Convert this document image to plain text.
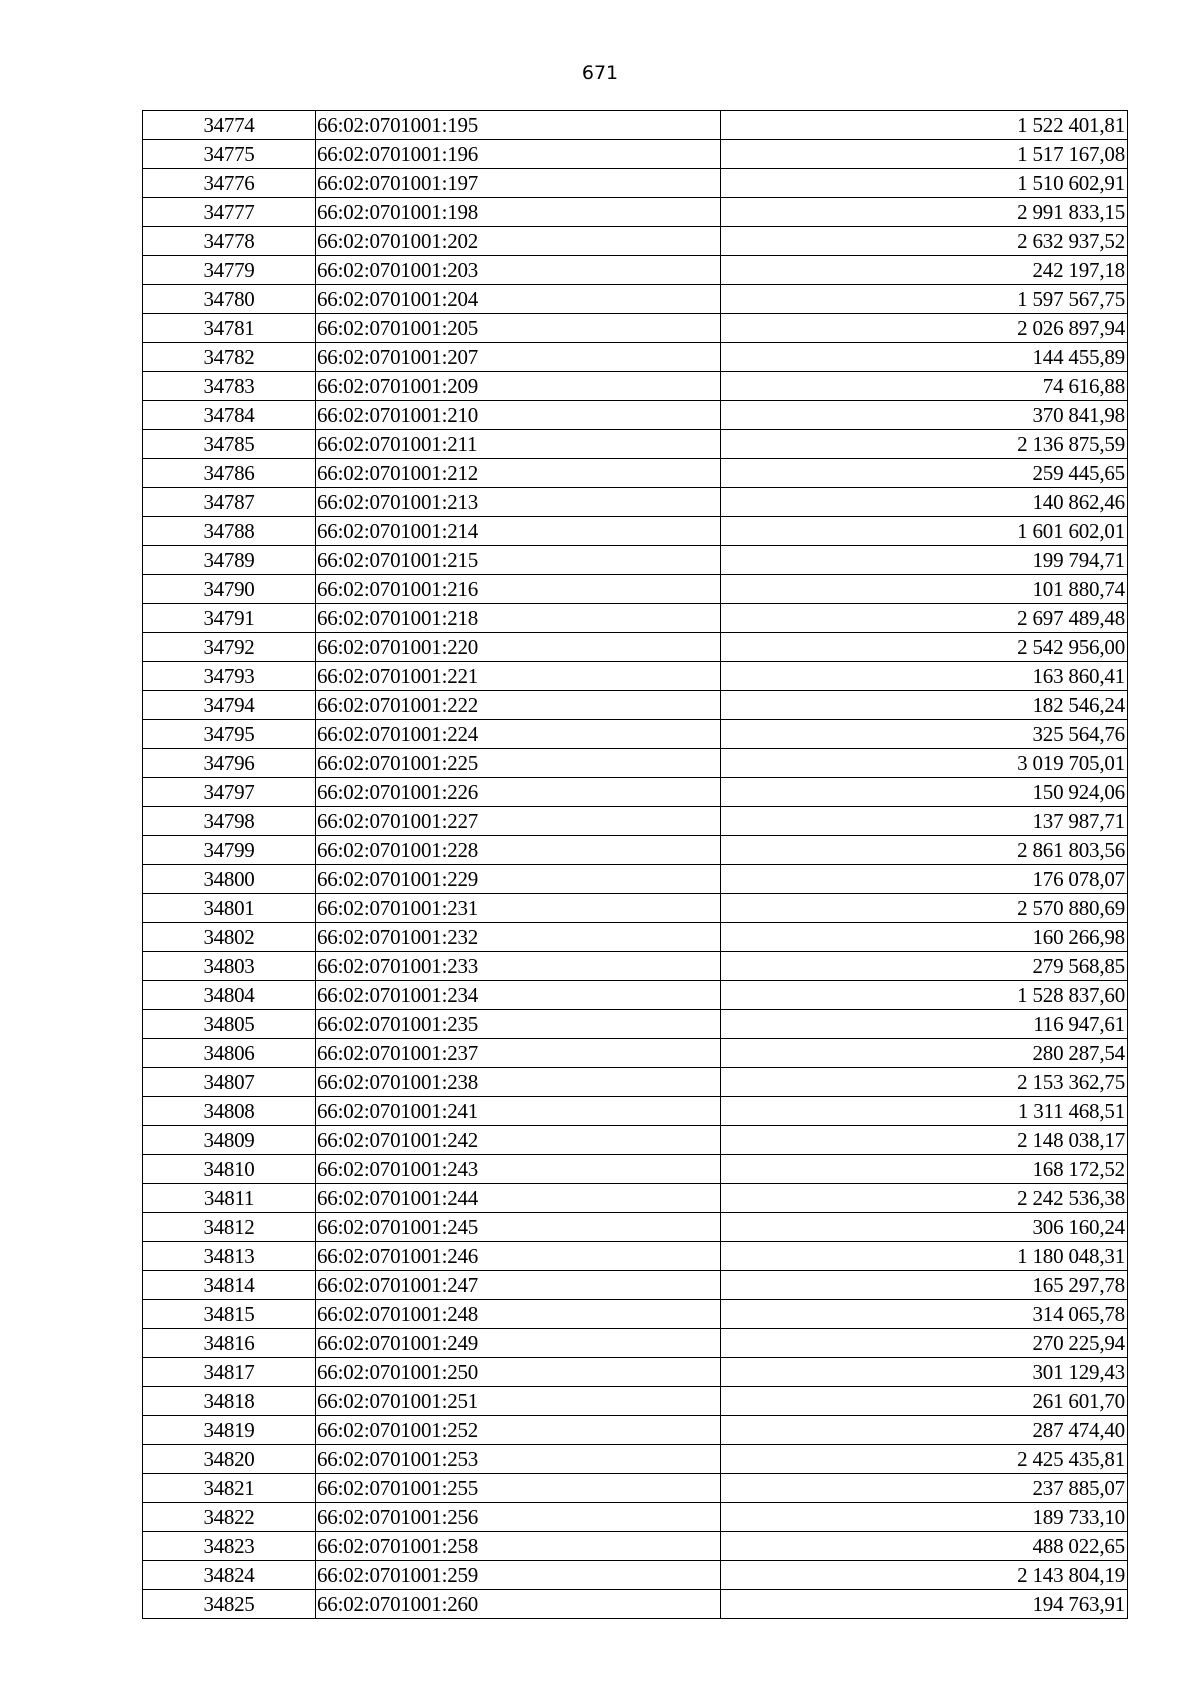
671
34774	66:02:0701001:195	1 522 401,81
34775	66:02:0701001:196	1 517 167,08
34776	66:02:0701001:197	1 510 602,91
34777	66:02:0701001:198	2 991 833,15
34778	66:02:0701001:202	2 632 937,52
34779	66:02:0701001:203	242 197,18
34780	66:02:0701001:204	1 597 567,75
34781	66:02:0701001:205	2 026 897,94
34782	66:02:0701001:207	144 455,89
34783	66:02:0701001:209	74 616,88
34784	66:02:0701001:210	370 841,98
34785	66:02:0701001:211	2 136 875,59
34786	66:02:0701001:212	259 445,65
34787	66:02:0701001:213	140 862,46
34788	66:02:0701001:214	1 601 602,01
34789	66:02:0701001:215	199 794,71
34790	66:02:0701001:216	101 880,74
34791	66:02:0701001:218	2 697 489,48
34792	66:02:0701001:220	2 542 956,00
34793	66:02:0701001:221	163 860,41
34794	66:02:0701001:222	182 546,24
34795	66:02:0701001:224	325 564,76
34796	66:02:0701001:225	3 019 705,01
34797	66:02:0701001:226	150 924,06
34798	66:02:0701001:227	137 987,71
34799	66:02:0701001:228	2 861 803,56
34800	66:02:0701001:229	176 078,07
34801	66:02:0701001:231	2 570 880,69
34802	66:02:0701001:232	160 266,98
34803	66:02:0701001:233	279 568,85
34804	66:02:0701001:234	1 528 837,60
34805	66:02:0701001:235	116 947,61
34806	66:02:0701001:237	280 287,54
34807	66:02:0701001:238	2 153 362,75
34808	66:02:0701001:241	1 311 468,51
34809	66:02:0701001:242	2 148 038,17
34810	66:02:0701001:243	168 172,52
34811	66:02:0701001:244	2 242 536,38
34812	66:02:0701001:245	306 160,24
34813	66:02:0701001:246	1 180 048,31
34814	66:02:0701001:247	165 297,78
34815	66:02:0701001:248	314 065,78
34816	66:02:0701001:249	270 225,94
34817	66:02:0701001:250	301 129,43
34818	66:02:0701001:251	261 601,70
34819	66:02:0701001:252	287 474,40
34820	66:02:0701001:253	2 425 435,81
34821	66:02:0701001:255	237 885,07
34822	66:02:0701001:256	189 733,10
34823	66:02:0701001:258	488 022,65
34824	66:02:0701001:259	2 143 804,19
34825	66:02:0701001:260	194 763,91
